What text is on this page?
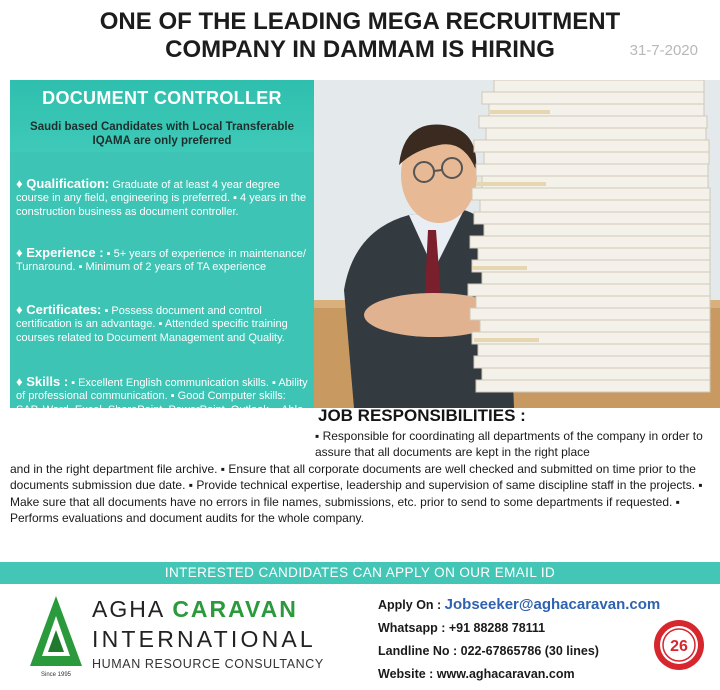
ONE OF THE LEADING MEGA RECRUITMENT
COMPANY IN DAMMAM IS HIRING	31-7-2020
DOCUMENT CONTROLLER
Saudi based Candidates with Local Transferable IQAMA are only preferred
♦ Qualification: Graduate of at least 4 year degree course in any field, engineering is preferred. ▪ 4 years in the construction business as document controller.
♦ Experience : ▪ 5+ years of experience in maintenance/ Turnaround. ▪ Minimum of 2 years of TA experience
♦ Certificates: ▪ Possess document and control certification is an advantage. ▪ Attended specific training courses related to Document Management and Quality.
♦ Skills : ▪ Excellent English communication skills. ▪ Ability of professional communication. ▪ Good Computer skills: SAP, Word, Excel, SharePoint, PowerPoint, Outlook. ▪ Able to deal with different nationalities ▪ Flexible in working Schedule.
JOB RESPONSIBILITIES :
▪ Responsible for coordinating all departments of the company in order to assure that all documents are kept in the right place
and in the right department file archive. ▪ Ensure that all corporate documents are well checked and submitted on time prior to the documents submission due date. ▪ Provide technical expertise, leadership and supervision of same discipline staff in the projects. ▪ Make sure that all documents have no errors in file names, submissions, etc. prior to send to some departments if requested. ▪ Performs evaluations and document audits for the whole company.
INTERESTED CANDIDATES CAN APPLY ON OUR EMAIL ID
Since 1995
AGHA CARAVAN
INTERNATIONAL
HUMAN RESOURCE CONSULTANCY
Apply On : Jobseeker@aghacaravan.com
Whatsapp : +91 88288 78111
Landline No : 022-67865786 (30 lines)
Website : www.aghacaravan.com
26
